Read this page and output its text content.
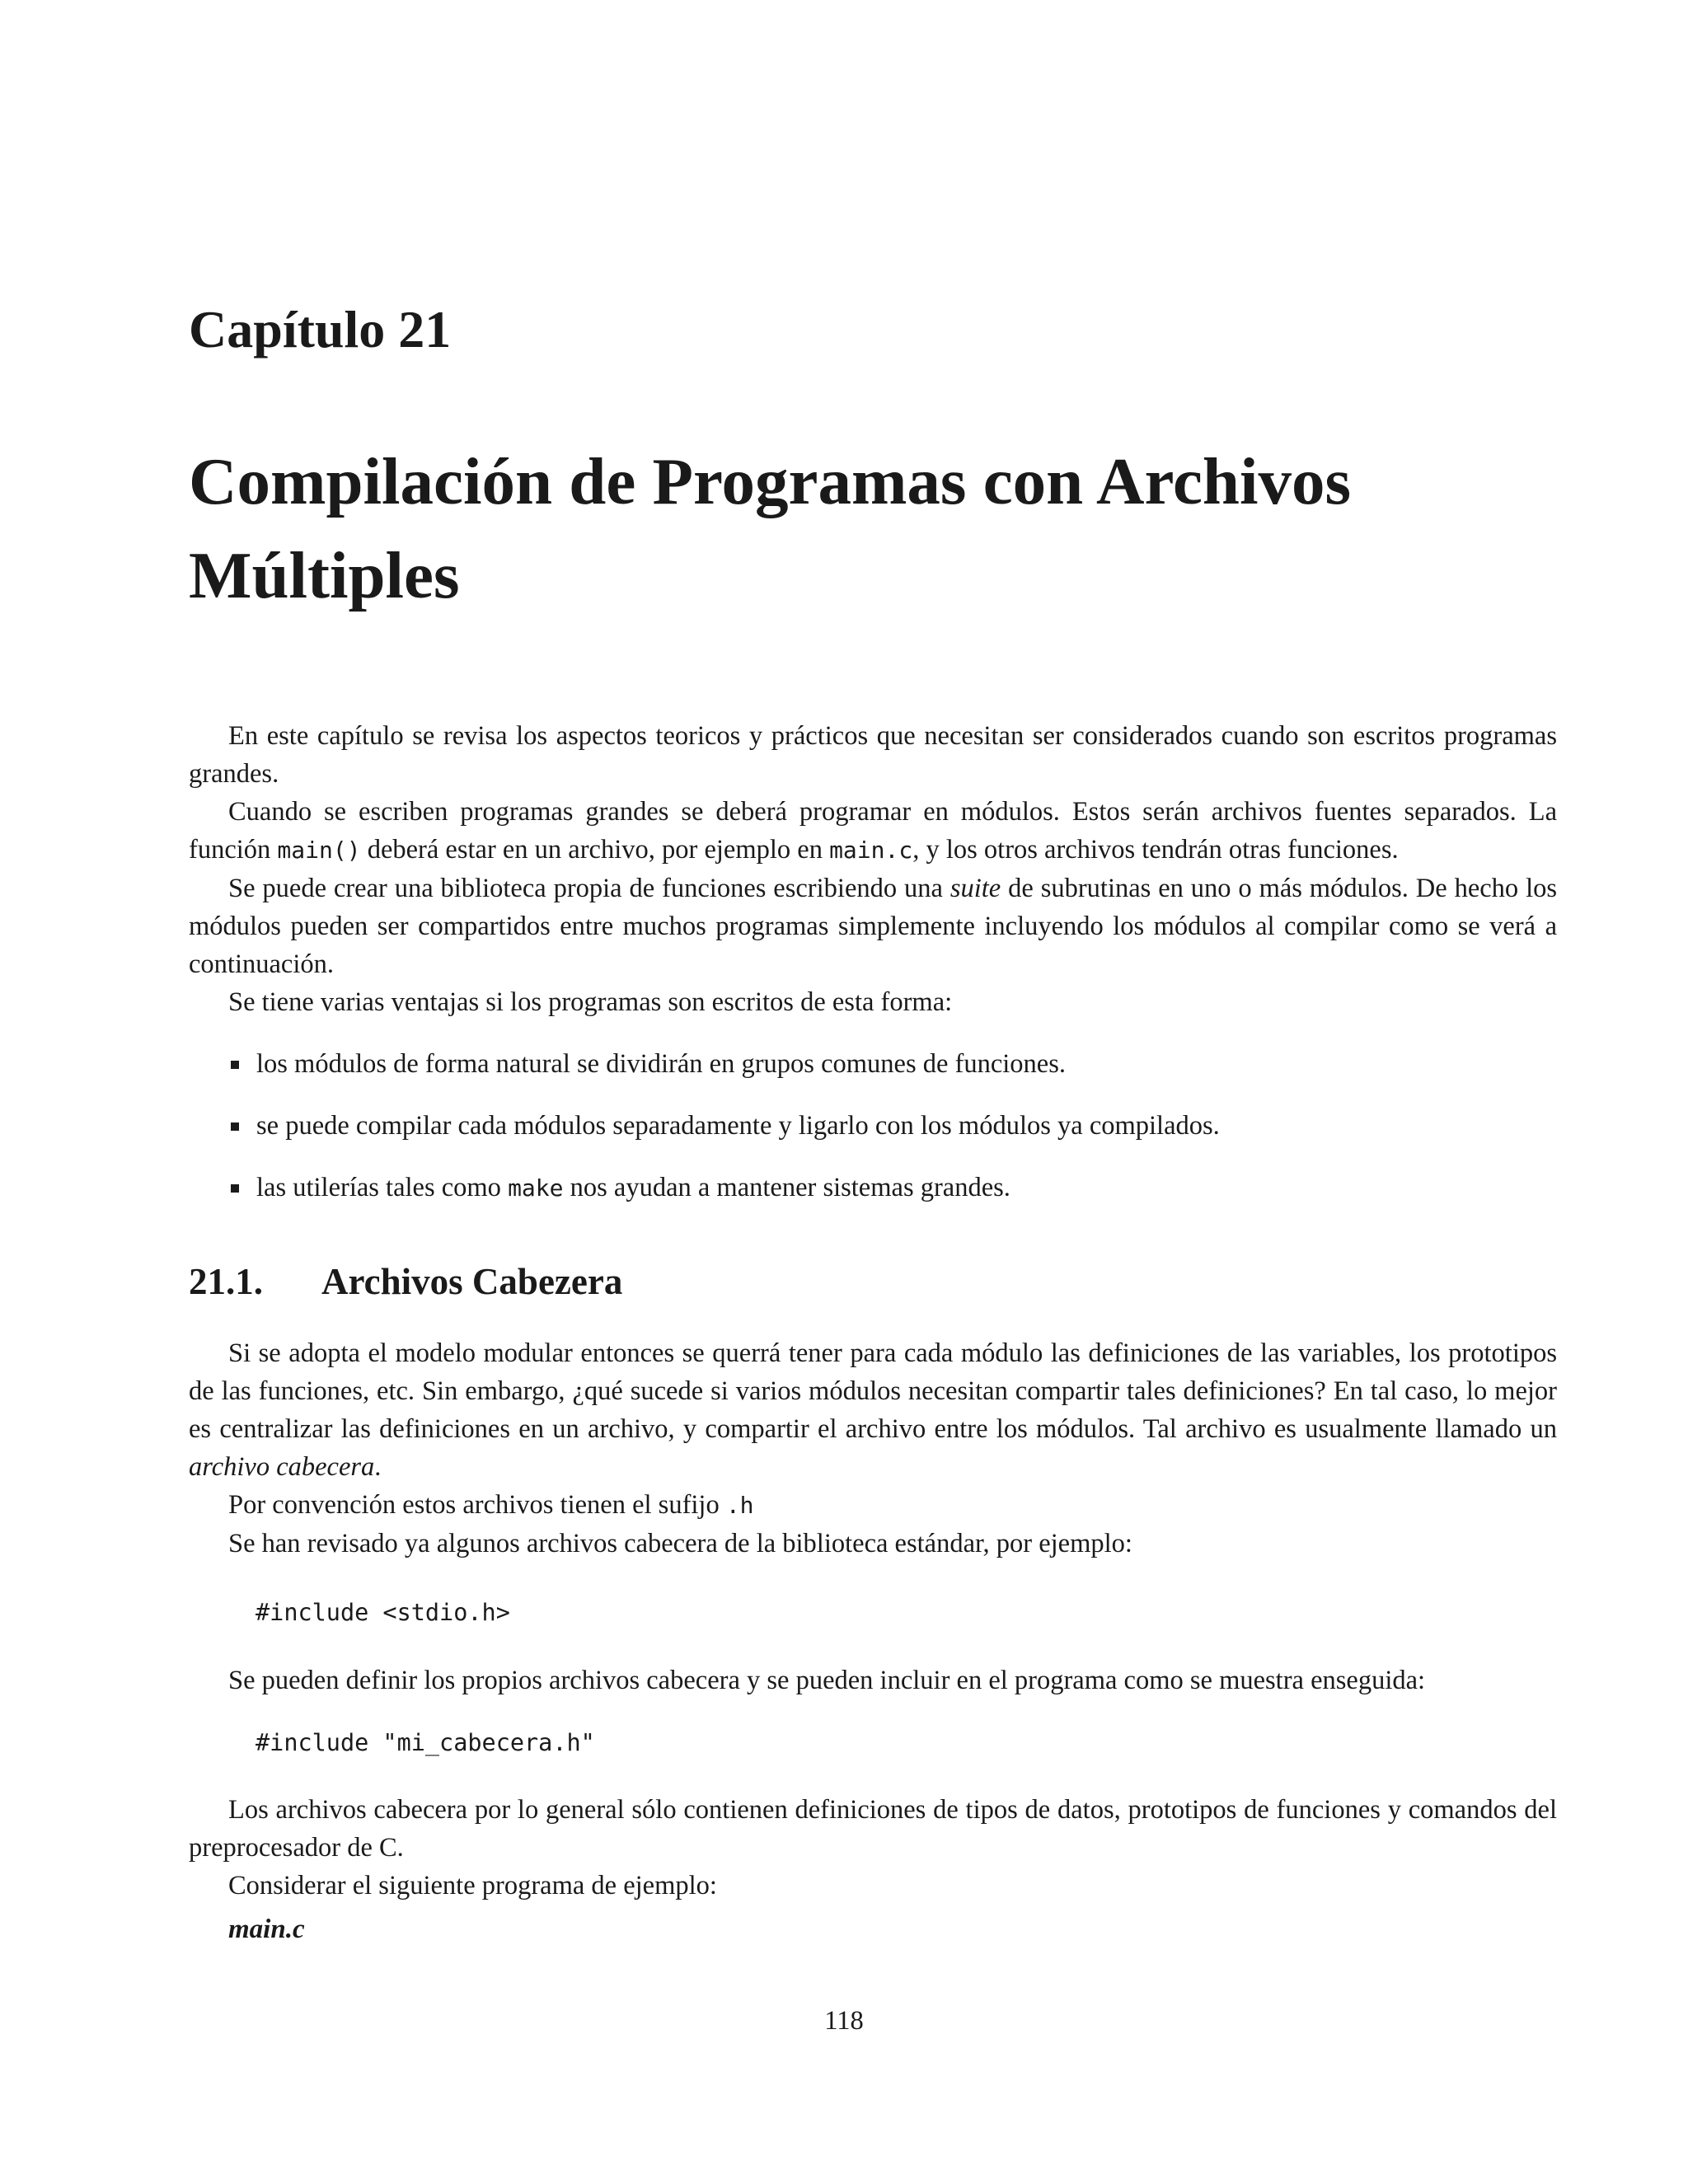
Capítulo 21
Compilación de Programas con Archivos
Múltiples

En este capítulo se revisa los aspectos teoricos y prácticos que necesitan ser considerados cuando son escritos programas grandes.

Cuando se escriben programas grandes se deberá programar en módulos. Estos serán archivos fuentes separados. La función main() deberá estar en un archivo, por ejemplo en main.c, y los otros archivos tendrán otras funciones.

Se puede crear una biblioteca propia de funciones escribiendo una suite de subrutinas en uno o más módulos. De hecho los módulos pueden ser compartidos entre muchos programas simplemente incluyendo los módulos al compilar como se verá a continuación.

Se tiene varias ventajas si los programas son escritos de esta forma:

los módulos de forma natural se dividirán en grupos comunes de funciones.
se puede compilar cada módulos separadamente y ligarlo con los módulos ya compilados.
las utilerías tales como make nos ayudan a mantener sistemas grandes.
21.1. Archivos Cabezera

Si se adopta el modelo modular entonces se querrá tener para cada módulo las definiciones de las variables, los prototipos de las funciones, etc. Sin embargo, ¿qué sucede si varios módulos necesitan compartir tales definiciones? En tal caso, lo mejor es centralizar las definiciones en un archivo, y compartir el archivo entre los módulos. Tal archivo es usualmente llamado un archivo cabecera.

Por convención estos archivos tienen el sufijo .h

Se han revisado ya algunos archivos cabecera de la biblioteca estándar, por ejemplo:

#include <stdio.h>

Se pueden definir los propios archivos cabecera y se pueden incluir en el programa como se muestra enseguida:

#include "mi_cabecera.h"

Los archivos cabecera por lo general sólo contienen definiciones de tipos de datos, prototipos de funciones y comandos del preprocesador de C.

Considerar el siguiente programa de ejemplo:

main.c
118
